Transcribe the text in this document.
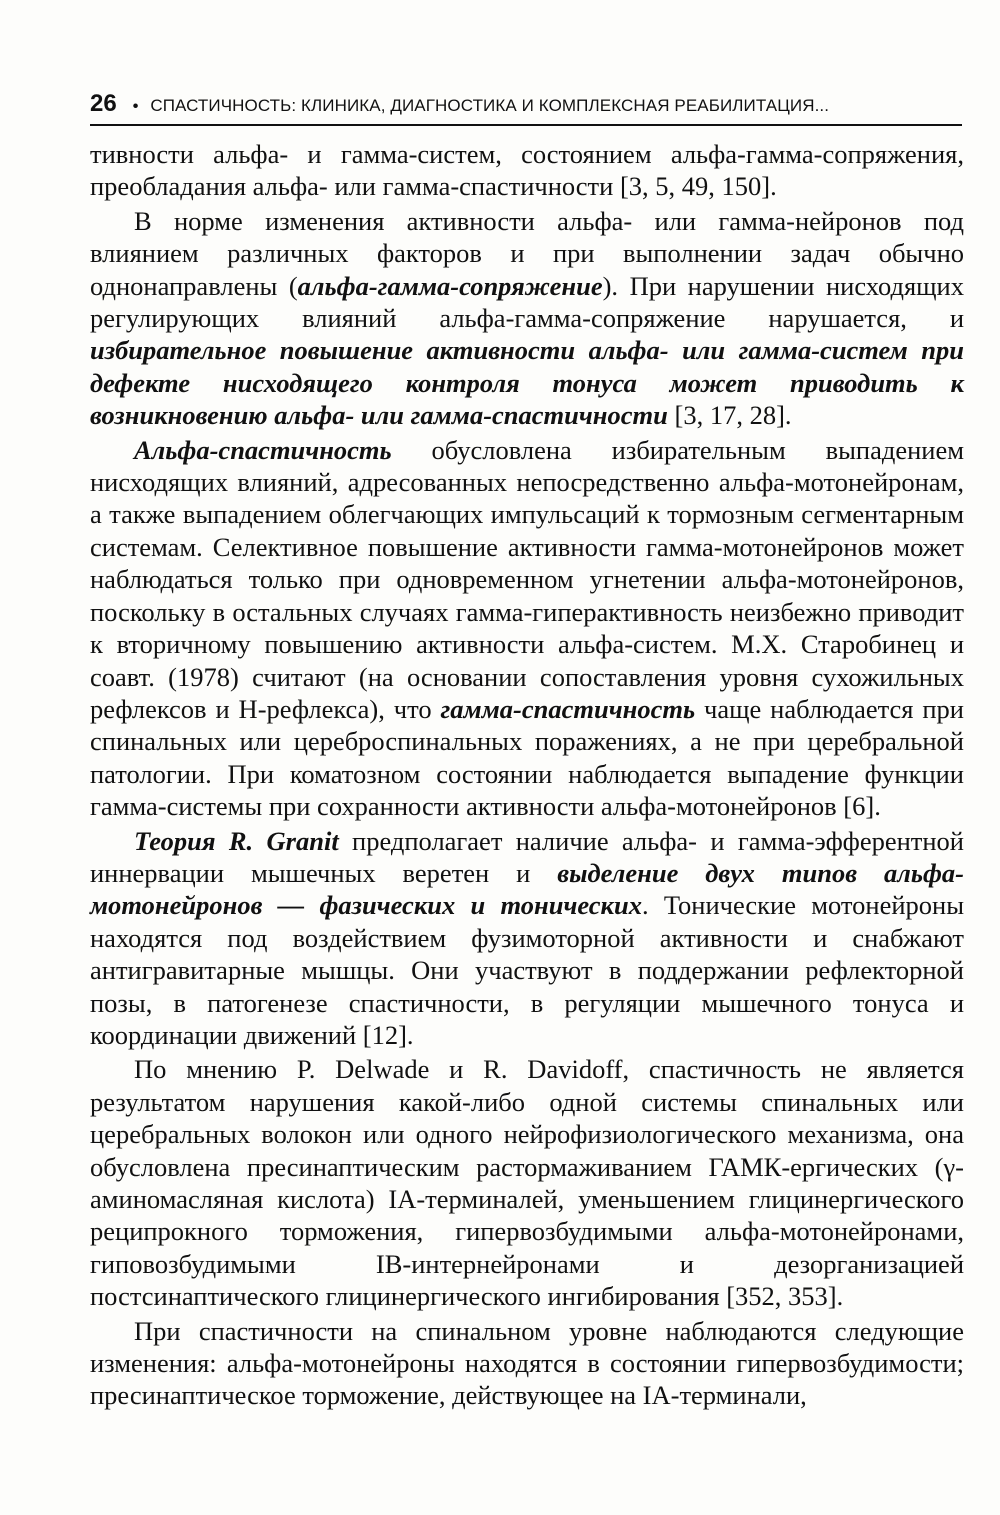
26 • СПАСТИЧНОСТЬ: КЛИНИКА, ДИАГНОСТИКА И КОМПЛЕКСНАЯ РЕАБИЛИТАЦИЯ...

тивности альфа- и гамма-систем, состоянием альфа-гамма-сопряжения, преобладания альфа- или гамма-спастичности [3, 5, 49, 150].

В норме изменения активности альфа- или гамма-нейронов под влиянием различных факторов и при выполнении задач обычно однонаправлены (альфа-гамма-сопряжение). При нарушении нисходящих регулирующих влияний альфа-гамма-сопряжение нарушается, и избирательное повышение активности альфа- или гамма-систем при дефекте нисходящего контроля тонуса может приводить к возникновению альфа- или гамма-спастичности [3, 17, 28].

Альфа-спастичность обусловлена избирательным выпадением нисходящих влияний, адресованных непосредственно альфа-мотонейронам, а также выпадением облегчающих импульсаций к тормозным сегментарным системам. Селективное повышение активности гамма-мотонейронов может наблюдаться только при одновременном угнетении альфа-мотонейронов, поскольку в остальных случаях гамма-гиперактивность неизбежно приводит к вторичному повышению активности альфа-систем. М.Х. Старобинец и соавт. (1978) считают (на основании сопоставления уровня сухожильных рефлексов и Н-рефлекса), что гамма-спастичность чаще наблюдается при спинальных или цереброспинальных поражениях, а не при церебральной патологии. При коматозном состоянии наблюдается выпадение функции гамма-системы при сохранности активности альфа-мотонейронов [6].

Теория R. Granit предполагает наличие альфа- и гамма-эфферентной иннервации мышечных веретен и выделение двух типов альфа-мотонейронов — фазических и тонических. Тонические мотонейроны находятся под воздействием фузимоторной активности и снабжают антигравитарные мышцы. Они участвуют в поддержании рефлекторной позы, в патогенезе спастичности, в регуляции мышечного тонуса и координации движений [12].

По мнению P. Delwade и R. Davidoff, спастичность не является результатом нарушения какой-либо одной системы спинальных или церебральных волокон или одного нейрофизиологического механизма, она обусловлена пресинаптическим растормаживанием ГАМК-ергических (γ-аминомасляная кислота) IA-терминалей, уменьшением глицинергического реципрокного торможения, гипервозбудимыми альфа-мотонейронами, гиповозбудимыми IB-интернейронами и дезорганизацией постсинаптического глицинергического ингибирования [352, 353].

При спастичности на спинальном уровне наблюдаются следующие изменения: альфа-мотонейроны находятся в состоянии гипервозбудимости; пресинаптическое торможение, действующее на IA-терминали,
